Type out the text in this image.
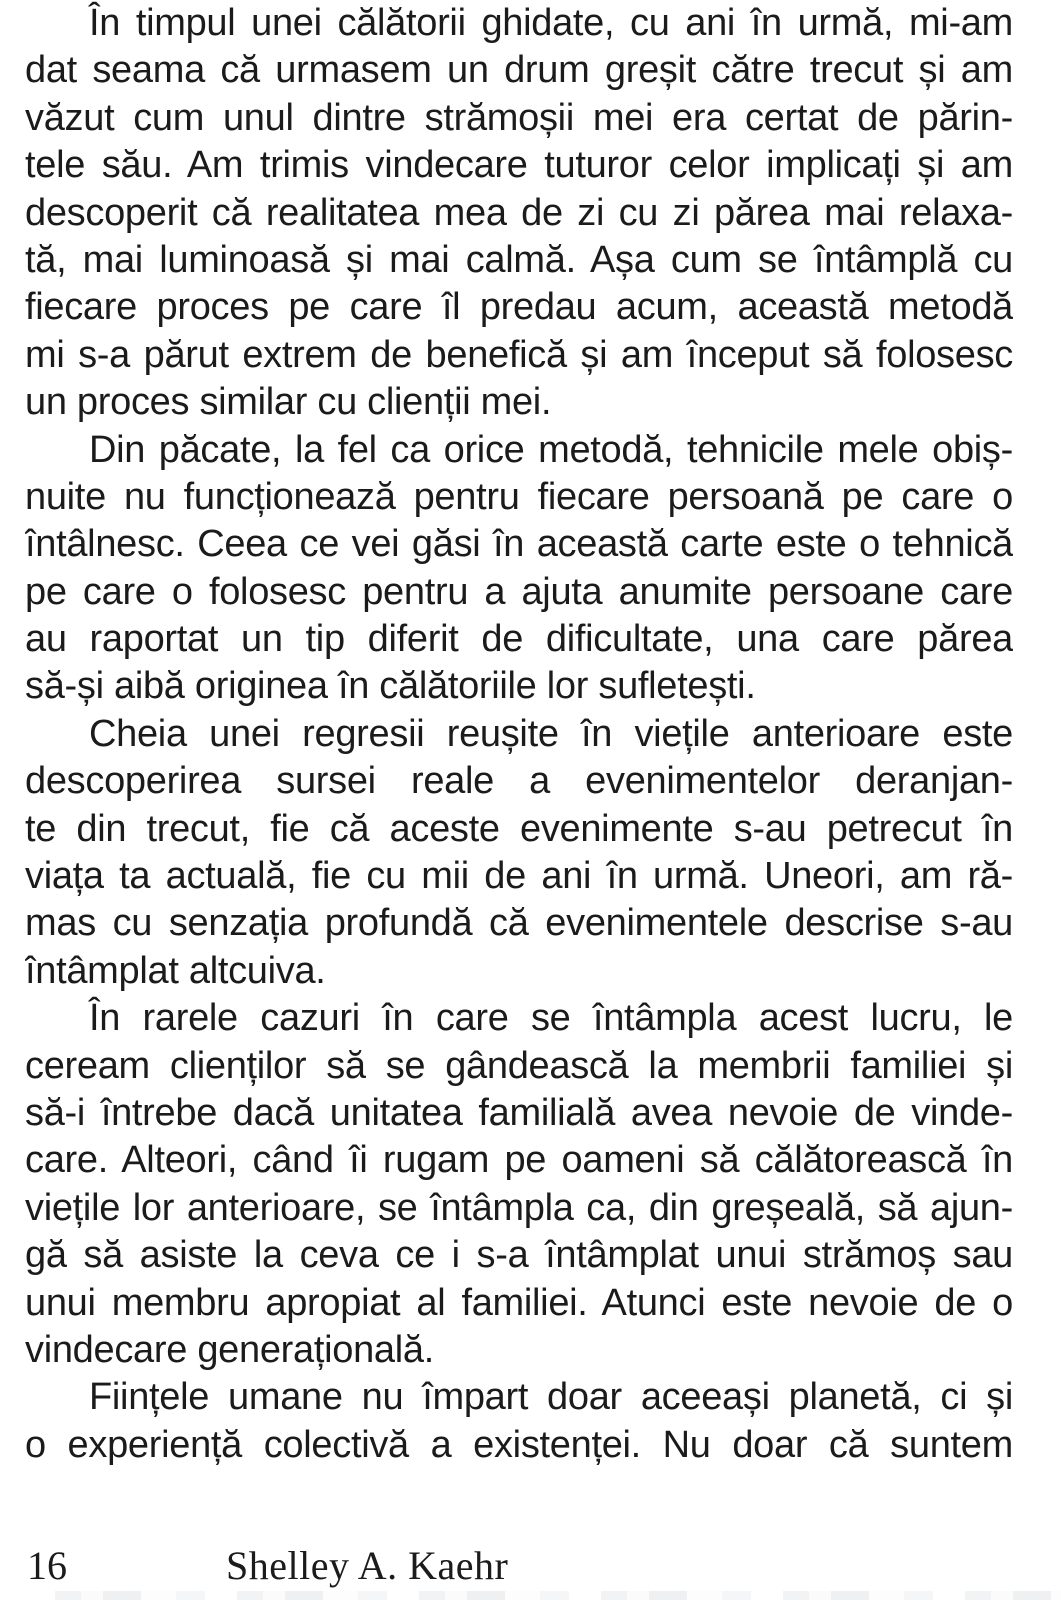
În timpul unei călătorii ghidate, cu ani în urmă, mi-am
dat seama că urmasem un drum greșit către trecut și am
văzut cum unul dintre strămoșii mei era certat de părin-
tele său. Am trimis vindecare tuturor celor implicați și am
descoperit că realitatea mea de zi cu zi părea mai relaxa-
tă, mai luminoasă și mai calmă. Așa cum se întâmplă cu
fiecare proces pe care îl predau acum, această metodă
mi s-a părut extrem de benefică și am început să folosesc
un proces similar cu clienții mei.

Din păcate, la fel ca orice metodă, tehnicile mele obiș-
nuite nu funcționează pentru fiecare persoană pe care o
întâlnesc. Ceea ce vei găsi în această carte este o tehnică
pe care o folosesc pentru a ajuta anumite persoane care
au raportat un tip diferit de dificultate, una care părea
să-și aibă originea în călătoriile lor sufletești.

Cheia unei regresii reușite în viețile anterioare este
descoperirea sursei reale a evenimentelor deranjan-
te din trecut, fie că aceste evenimente s-au petrecut în
viața ta actuală, fie cu mii de ani în urmă. Uneori, am ră-
mas cu senzația profundă că evenimentele descrise s-au
întâmplat altcuiva.

În rarele cazuri în care se întâmpla acest lucru, le
ceream clienților să se gândească la membrii familiei și
să-i întrebe dacă unitatea familială avea nevoie de vinde-
care. Alteori, când îi rugam pe oameni să călătorească în
viețile lor anterioare, se întâmpla ca, din greșeală, să ajun-
gă să asiste la ceva ce i s-a întâmplat unui strămoș sau
unui membru apropiat al familiei. Atunci este nevoie de o
vindecare generațională.

Ființele umane nu împart doar aceeași planetă, ci și
o experiență colectivă a existenței. Nu doar că suntem

16	Shelley A. Kaehr
